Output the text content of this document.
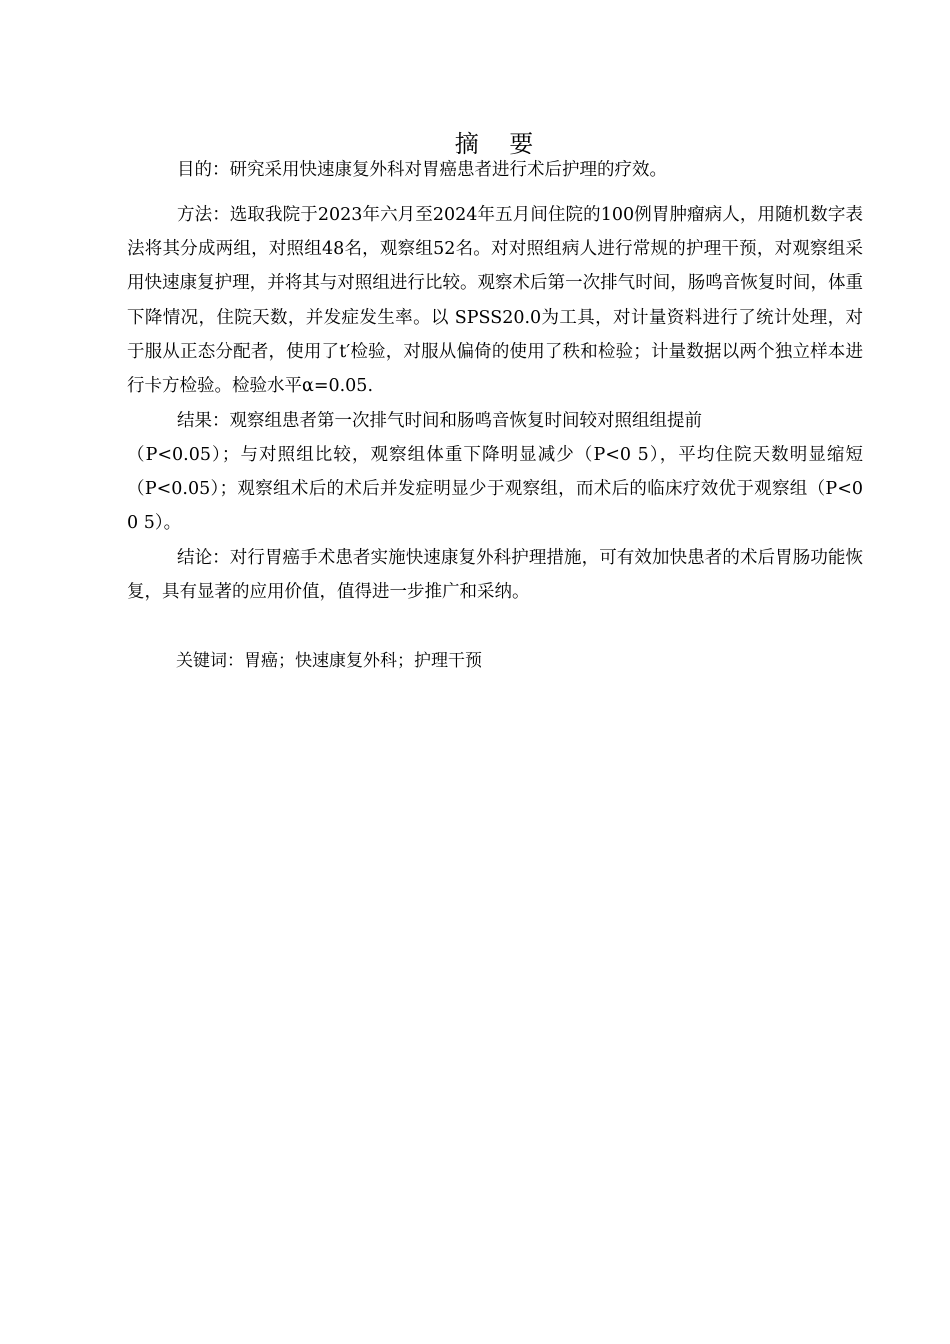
摘    要

目的：研究采用快速康复外科对胃癌患者进行术后护理的疗效。

方法：选取我院于2023年六月至2024年五月间住院的100例胃肿瘤病人，用随机数字表法将其分成两组，对照组48名，观察组52名。对对照组病人进行常规的护理干预，对观察组采用快速康复护理，并将其与对照组进行比较。观察术后第一次排气时间，肠鸣音恢复时间，体重下降情况，住院天数，并发症发生率。以 SPSS20.0为工具，对计量资料进行了统计处理，对于服从正态分配者，使用了t′检验，对服从偏倚的使用了秩和检验；计量数据以两个独立样本进行卡方检验。检验水平α=0.05.

结果：观察组患者第一次排气时间和肠鸣音恢复时间较对照组组提前

（P<0.05）；与对照组比较，观察组体重下降明显减少（P<0 5），平均住院天数明显缩短（P<0.05）；观察组术后的术后并发症明显少于观察组，而术后的临床疗效优于观察组（P<0 0 5）。

结论：对行胃癌手术患者实施快速康复外科护理措施，可有效加快患者的术后胃肠功能恢复，具有显著的应用价值，值得进一步推广和采纳。

关键词：胃癌；快速康复外科；护理干预
